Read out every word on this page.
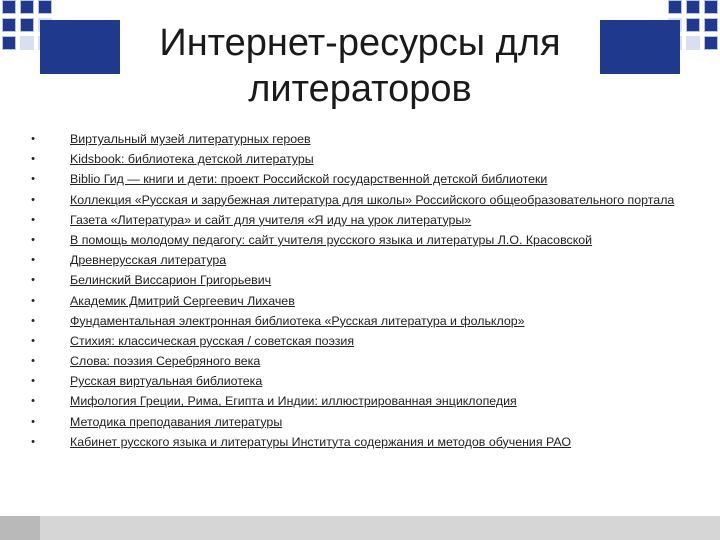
Интернет-ресурсы для
литераторов
•	Виртуальный музей литературных героев
•	Kidsbook: библиотека детской литературы
•	Biblio Гид — книги и дети: проект Российской государственной детской библиотеки
•	Коллекция «Русская и зарубежная литература для школы» Российского общеобразовательного портала
•	Газета «Литература» и сайт для учителя «Я иду на урок литературы»
•	В помощь молодому педагогу: сайт учителя русского языка и литературы Л.О. Красовской
•	Древнерусская литература
•	Белинский Виссарион Григорьевич
•	Академик Дмитрий Сергеевич Лихачев
•	Фундаментальная электронная библиотека «Русская литература и фольклор»
•	Стихия: классическая русская / советская поэзия
•	Слова: поэзия Серебряного века
•	Русская виртуальная библиотека
•	Мифология Греции, Рима, Египта и Индии: иллюстрированная энциклопедия
•	Методика преподавания литературы
•	Кабинет русского языка и литературы Института содержания и методов обучения РАО
